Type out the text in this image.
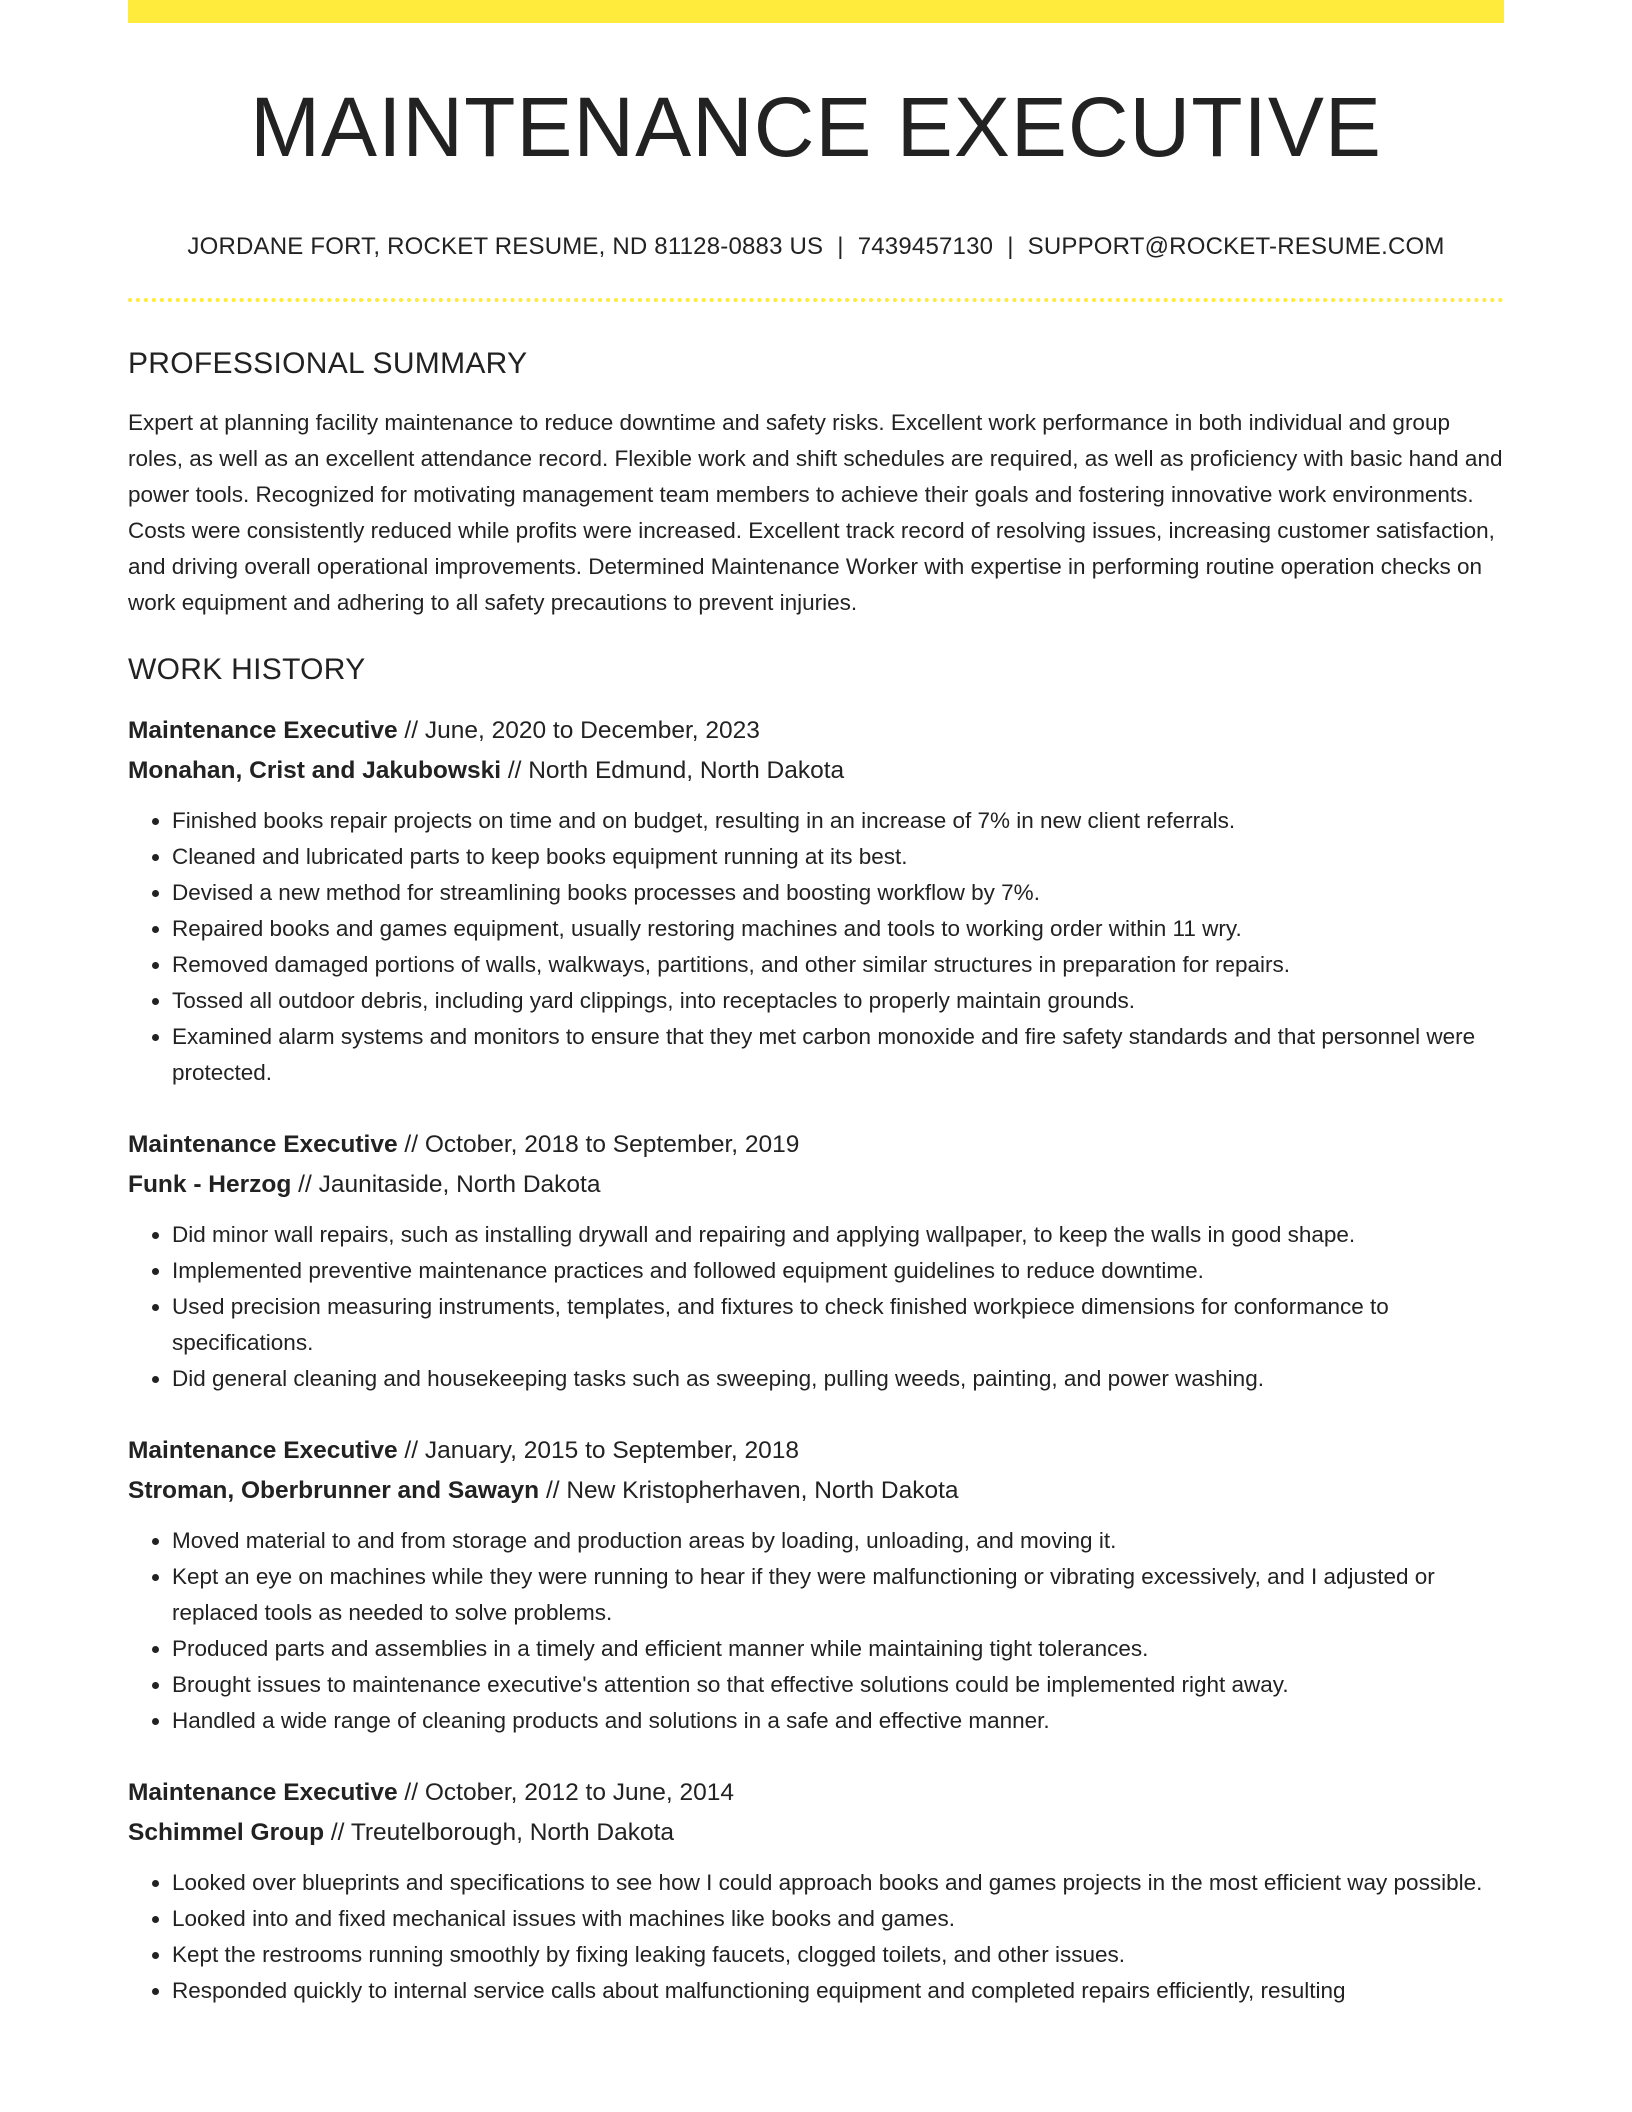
MAINTENANCE EXECUTIVE
JORDANE FORT, ROCKET RESUME, ND 81128-0883 US | 7439457130 | SUPPORT@ROCKET-RESUME.COM
PROFESSIONAL SUMMARY

Expert at planning facility maintenance to reduce downtime and safety risks. Excellent work performance in both individual and group roles, as well as an excellent attendance record. Flexible work and shift schedules are required, as well as proficiency with basic hand and power tools. Recognized for motivating management team members to achieve their goals and fostering innovative work environments. Costs were consistently reduced while profits were increased. Excellent track record of resolving issues, increasing customer satisfaction, and driving overall operational improvements. Determined Maintenance Worker with expertise in performing routine operation checks on work equipment and adhering to all safety precautions to prevent injuries.

WORK HISTORY
Maintenance Executive // June, 2020 to December, 2023
Monahan, Crist and Jakubowski // North Edmund, North Dakota
• Finished books repair projects on time and on budget, resulting in an increase of 7% in new client referrals.
• Cleaned and lubricated parts to keep books equipment running at its best.
• Devised a new method for streamlining books processes and boosting workflow by 7%.
• Repaired books and games equipment, usually restoring machines and tools to working order within 11 wry.
• Removed damaged portions of walls, walkways, partitions, and other similar structures in preparation for repairs.
• Tossed all outdoor debris, including yard clippings, into receptacles to properly maintain grounds.
• Examined alarm systems and monitors to ensure that they met carbon monoxide and fire safety standards and that personnel were protected.
Maintenance Executive // October, 2018 to September, 2019
Funk - Herzog // Jaunitaside, North Dakota
• Did minor wall repairs, such as installing drywall and repairing and applying wallpaper, to keep the walls in good shape.
• Implemented preventive maintenance practices and followed equipment guidelines to reduce downtime.
• Used precision measuring instruments, templates, and fixtures to check finished workpiece dimensions for conformance to specifications.
• Did general cleaning and housekeeping tasks such as sweeping, pulling weeds, painting, and power washing.
Maintenance Executive // January, 2015 to September, 2018
Stroman, Oberbrunner and Sawayn // New Kristopherhaven, North Dakota
• Moved material to and from storage and production areas by loading, unloading, and moving it.
• Kept an eye on machines while they were running to hear if they were malfunctioning or vibrating excessively, and I adjusted or replaced tools as needed to solve problems.
• Produced parts and assemblies in a timely and efficient manner while maintaining tight tolerances.
• Brought issues to maintenance executive's attention so that effective solutions could be implemented right away.
• Handled a wide range of cleaning products and solutions in a safe and effective manner.
Maintenance Executive // October, 2012 to June, 2014
Schimmel Group // Treutelborough, North Dakota
• Looked over blueprints and specifications to see how I could approach books and games projects in the most efficient way possible.
• Looked into and fixed mechanical issues with machines like books and games.
• Kept the restrooms running smoothly by fixing leaking faucets, clogged toilets, and other issues.
• Responded quickly to internal service calls about malfunctioning equipment and completed repairs efficiently, resulting
